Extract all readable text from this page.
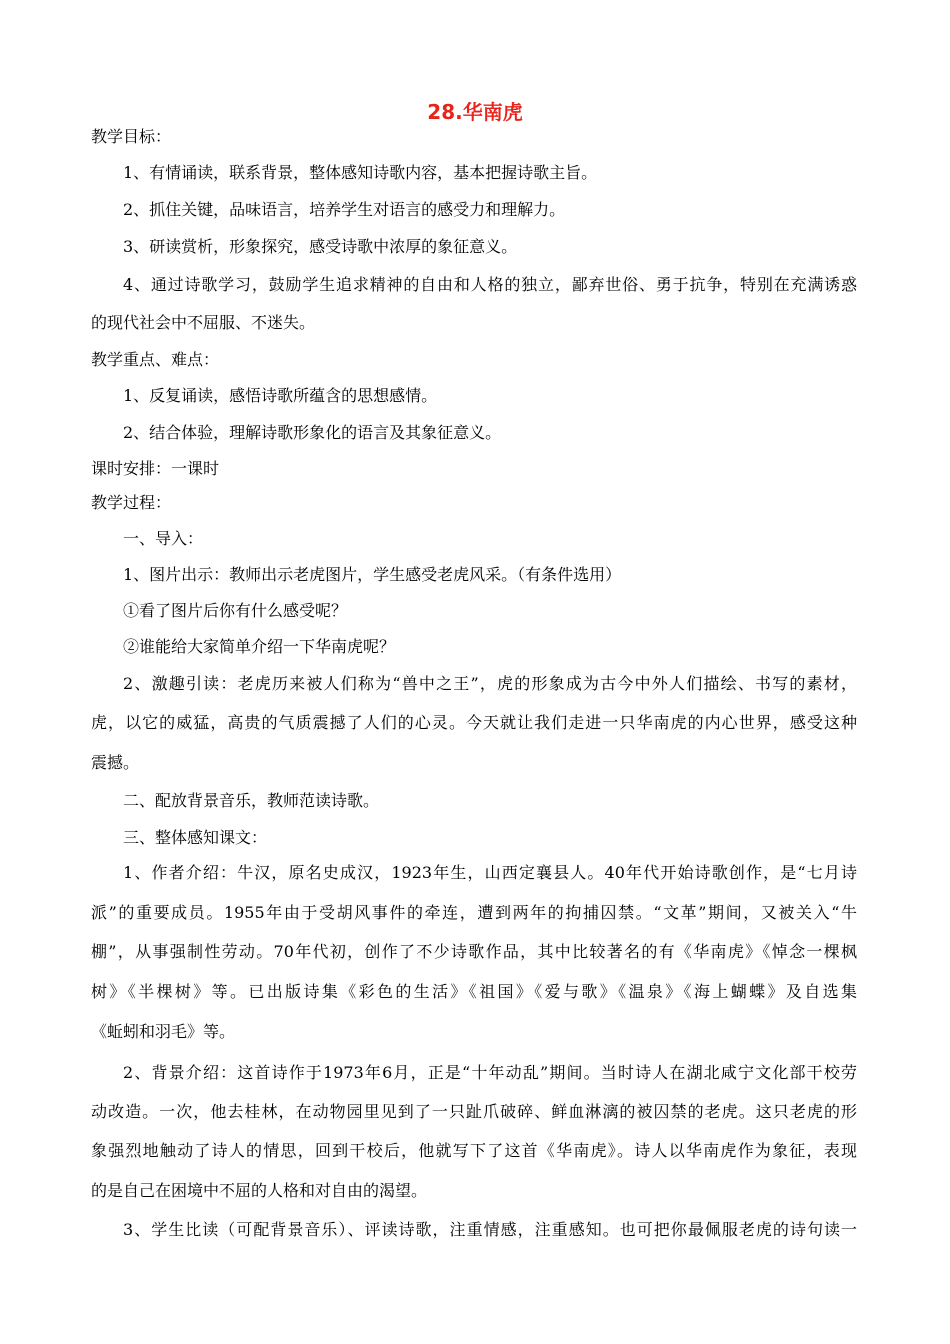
28.华南虎
教学目标：
1、有情诵读，联系背景，整体感知诗歌内容，基本把握诗歌主旨。
2、抓住关键，品味语言，培养学生对语言的感受力和理解力。
3、研读赏析，形象探究，感受诗歌中浓厚的象征意义。
4、通过诗歌学习，鼓励学生追求精神的自由和人格的独立，鄙弃世俗、勇于抗争，特别在充满诱惑
的现代社会中不屈服、不迷失。
教学重点、难点：
1、反复诵读，感悟诗歌所蕴含的思想感情。
2、结合体验，理解诗歌形象化的语言及其象征意义。
课时安排：一课时
教学过程：
一、导入：
1、图片出示：教师出示老虎图片，学生感受老虎风采。（有条件选用）
①看了图片后你有什么感受呢？
②谁能给大家简单介绍一下华南虎呢？
2、激趣引读：老虎历来被人们称为“兽中之王”，虎的形象成为古今中外人们描绘、书写的素材，
虎，以它的威猛，高贵的气质震撼了人们的心灵。今天就让我们走进一只华南虎的内心世界，感受这种
震撼。
二、配放背景音乐，教师范读诗歌。
三、整体感知课文：
1、作者介绍：牛汉，原名史成汉，1923年生，山西定襄县人。40年代开始诗歌创作，是“七月诗
派”的重要成员。1955年由于受胡风事件的牵连，遭到两年的拘捕囚禁。“文革”期间，又被关入“牛
棚”，从事强制性劳动。70年代初，创作了不少诗歌作品，其中比较著名的有《华南虎》《悼念一棵枫
树》《半棵树》等。已出版诗集《彩色的生活》《祖国》《爱与歌》《温泉》《海上蝴蝶》及自选集
《蚯蚓和羽毛》等。
2、背景介绍：这首诗作于1973年6月，正是“十年动乱”期间。当时诗人在湖北咸宁文化部干校劳
动改造。一次，他去桂林，在动物园里见到了一只趾爪破碎、鲜血淋漓的被囚禁的老虎。这只老虎的形
象强烈地触动了诗人的情思，回到干校后，他就写下了这首《华南虎》。诗人以华南虎作为象征，表现
的是自己在困境中不屈的人格和对自由的渴望。
3、学生比读（可配背景音乐）、评读诗歌，注重情感，注重感知。也可把你最佩服老虎的诗句读一
